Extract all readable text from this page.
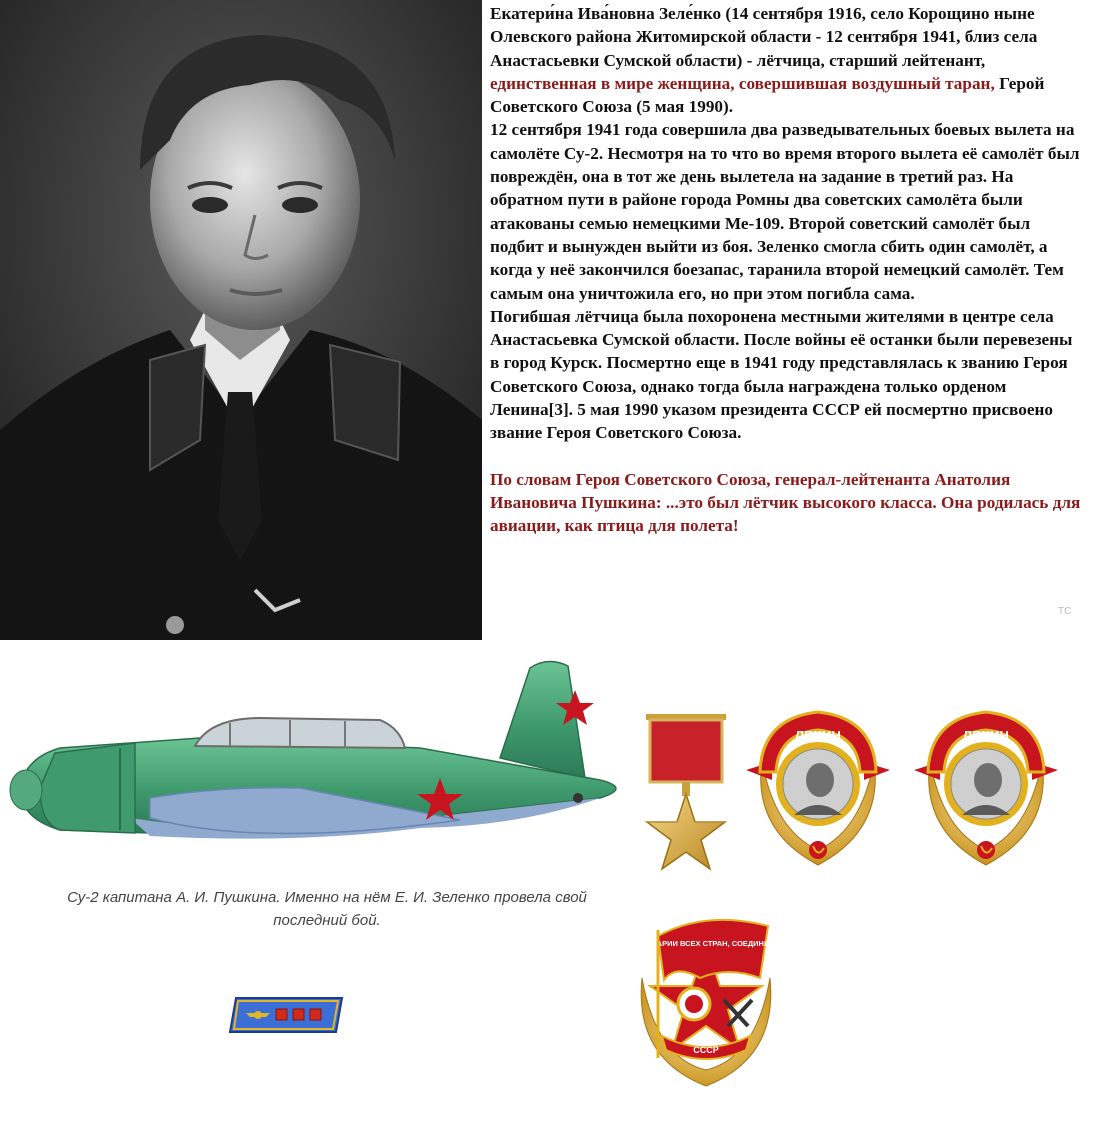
Екатери́на Ива́новна Зеле́нко (14 сентября 1916, село Корощино ныне Олевского района Житомирской области - 12 сентября 1941, близ села Анастасьевки Сумской области) - лётчица, старший лейтенант, единственная в мире женщина, совершившая воздушный таран, Герой Советского Союза (5 мая 1990).

12 сентября 1941 года совершила два разведывательных боевых вылета на самолёте Су-2. Несмотря на то что во время второго вылета её самолёт был повреждён, она в тот же день вылетела на задание в третий раз. На обратном пути в районе города Ромны два советских самолёта были атакованы семью немецкими Ме-109. Второй советский самолёт был подбит и вынужден выйти из боя. Зеленко смогла сбить один самолёт, а когда у неё закончился боезапас, таранила второй немецкий самолёт. Тем самым она уничтожила его, но при этом погибла сама.

Погибшая лётчица была похоронена местными жителями в центре села Анастасьевка Сумской области. После войны её останки были перевезены в город Курск. Посмертно еще в 1941 году представлялась к званию Героя Советского Союза, однако тогда была награждена только орденом Ленина[3]. 5 мая 1990 указом президента СССР ей посмертно присвоено звание Героя Советского Союза.

По словам Героя Советского Союза, генерал-лейтенанта Анатолия Ивановича Пушкина: ...это был лётчик высокого класса. Она родилась для авиации, как птица для полета!

TC
Су-2 капитана А. И. Пушкина. Именно на нём Е. И. Зеленко провела свой последний бой.
ЛЕНИН	ЛЕНИН
ПРОЛЕТАРИИ ВСЕХ СТРАН, СОЕДИНЯЙТЕСЬ!
СССР
